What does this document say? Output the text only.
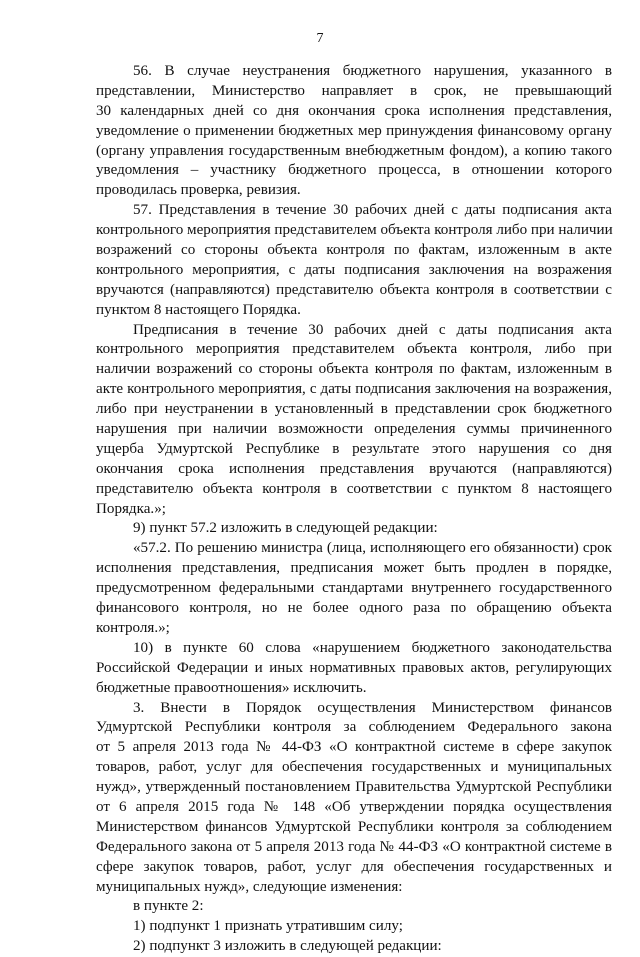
7

56. В случае неустранения бюджетного нарушения, указанного в

представлении, Министерство направляет в срок, не превышающий

30 календарных дней со дня окончания срока исполнения представления,

уведомление о применении бюджетных мер принуждения финансовому органу

(органу управления государственным внебюджетным фондом), а копию такого

уведомления – участнику бюджетного процесса, в отношении которого

проводилась проверка, ревизия.

57. Представления в течение 30 рабочих дней с даты подписания акта

контрольного мероприятия представителем объекта контроля либо при наличии

возражений со стороны объекта контроля по фактам, изложенным в акте

контрольного мероприятия, с даты подписания заключения на возражения

вручаются (направляются) представителю объекта контроля в соответствии с

пунктом 8 настоящего Порядка.

Предписания в течение 30 рабочих дней с даты подписания акта

контрольного мероприятия представителем объекта контроля, либо при

наличии возражений со стороны объекта контроля по фактам, изложенным в

акте контрольного мероприятия, с даты подписания заключения на возражения,

либо при неустранении в установленный в представлении срок бюджетного

нарушения при наличии возможности определения суммы причиненного

ущерба Удмуртской Республике в результате этого нарушения со дня

окончания срока исполнения представления вручаются (направляются)

представителю объекта контроля в соответствии с пунктом 8 настоящего

Порядка.»;

9) пункт 57.2 изложить в следующей редакции:

«57.2. По решению министра (лица, исполняющего его обязанности) срок

исполнения представления, предписания может быть продлен в порядке,

предусмотренном федеральными стандартами внутреннего государственного

финансового контроля, но не более одного раза по обращению объекта

контроля.»;

10) в пункте 60 слова «нарушением бюджетного законодательства

Российской Федерации и иных нормативных правовых актов, регулирующих

бюджетные правоотношения» исключить.

3. Внести в Порядок осуществления Министерством финансов

Удмуртской Республики контроля за соблюдением Федерального закона

от 5 апреля 2013 года № 44-ФЗ «О контрактной системе в сфере закупок

товаров, работ, услуг для обеспечения государственных и муниципальных

нужд», утвержденный постановлением Правительства Удмуртской Республики

от 6 апреля 2015 года № 148 «Об утверждении порядка осуществления

Министерством финансов Удмуртской Республики контроля за соблюдением

Федерального закона от 5 апреля 2013 года № 44-ФЗ «О контрактной системе в

сфере закупок товаров, работ, услуг для обеспечения государственных и

муниципальных нужд», следующие изменения:

в пункте 2:

1) подпункт 1 признать утратившим силу;

2) подпункт 3 изложить в следующей редакции:
